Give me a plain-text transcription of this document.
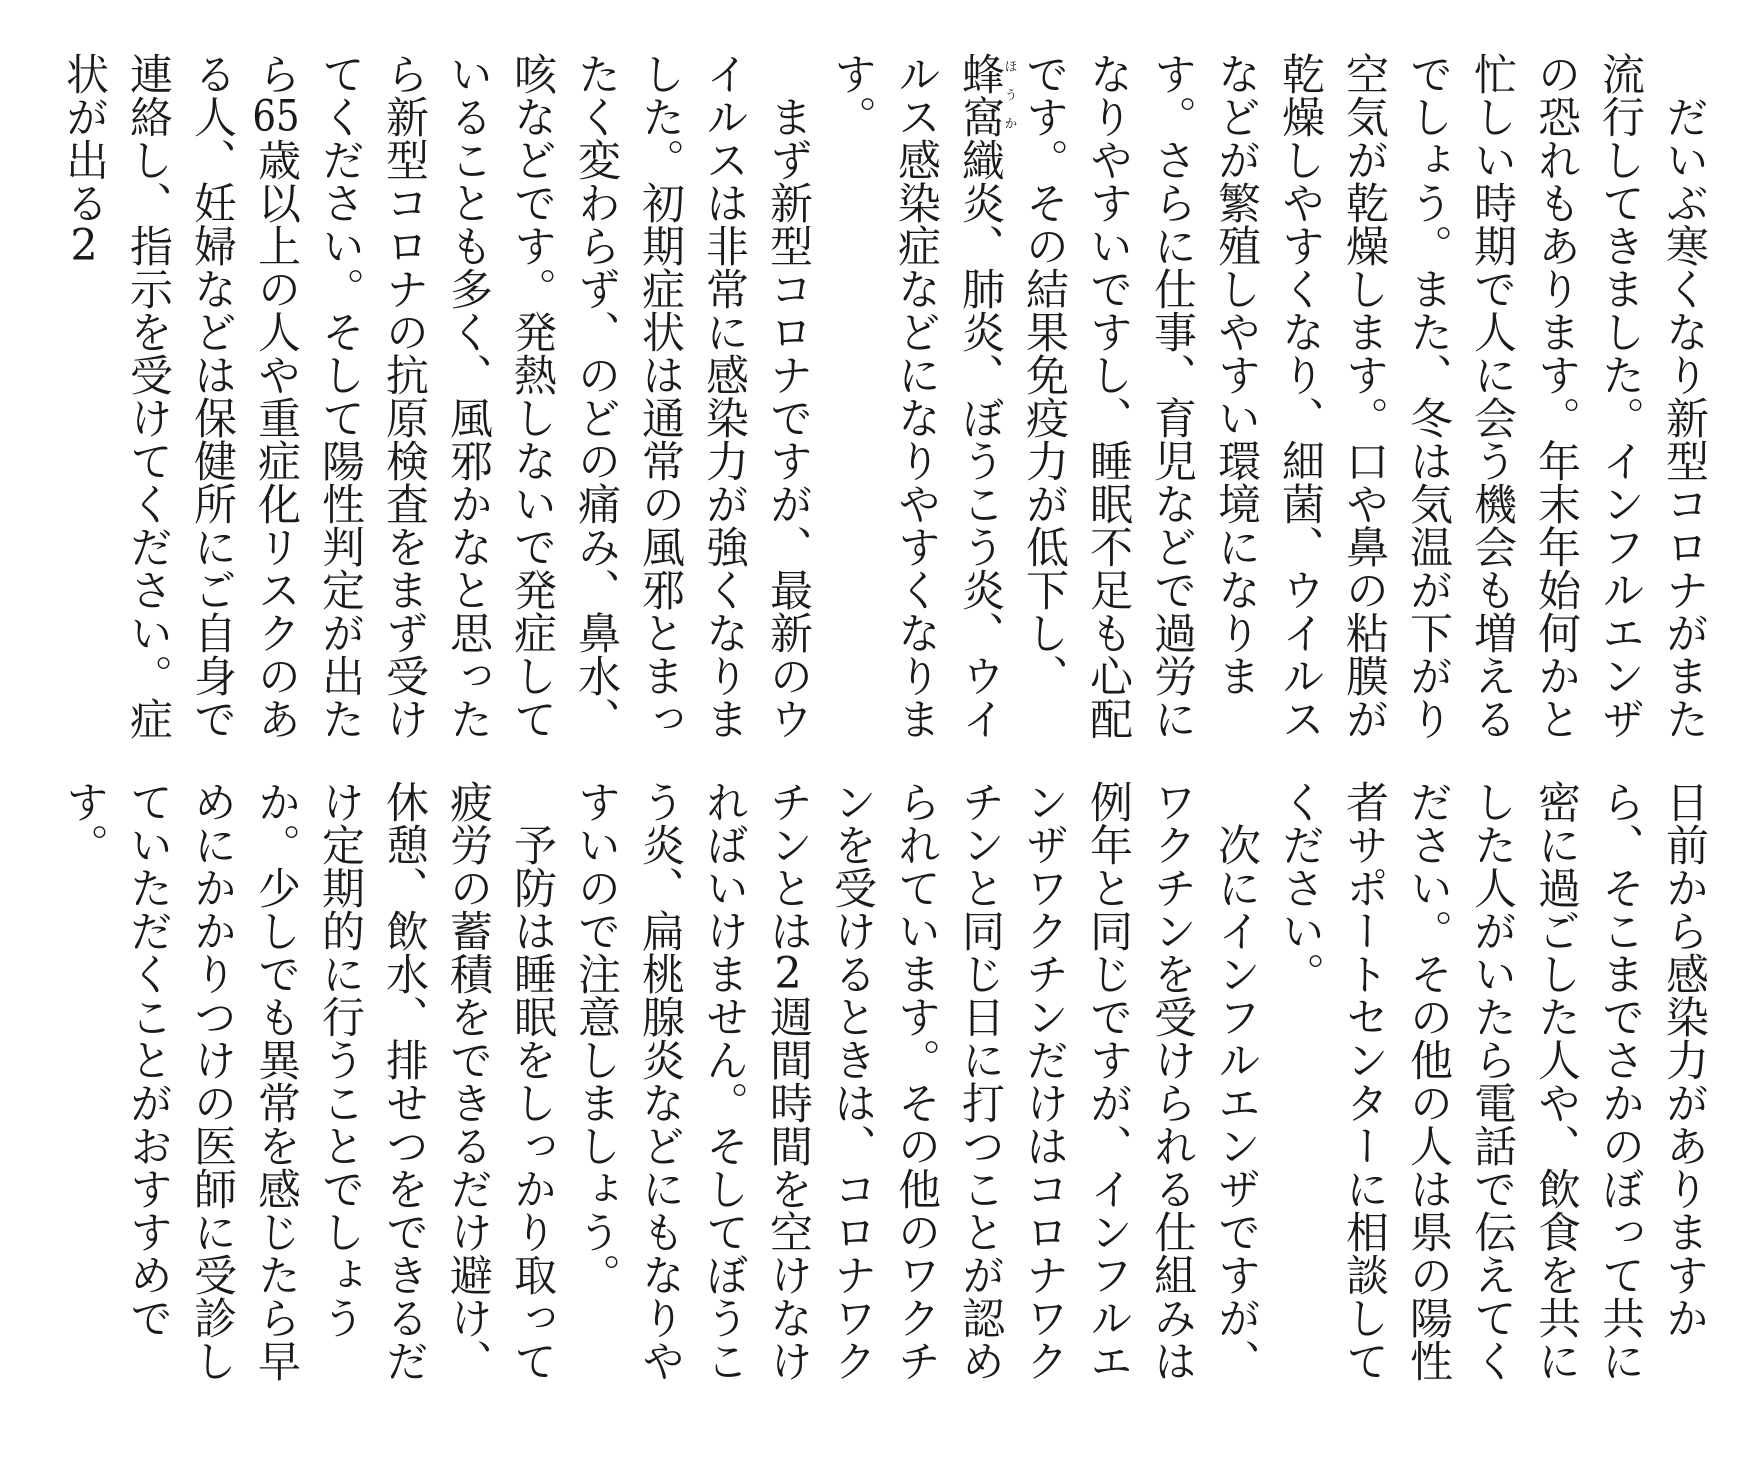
だいぶ寒くなり新型コロナがまた流行してきました。インフルエンザの恐れもあります。年末年始何かと忙しい時期で人に会う機会も増えるでしょう。また、冬は気温が下がり空気が乾燥します。口や鼻の粘膜が乾燥しやすくなり、細菌、ウイルスなどが繁殖しやすい環境になります。さらに仕事、育児などで過労になりやすいですし、睡眠不足も心配です。その結果免疫力が低下し、蜂窩ほうか織炎、肺炎、ぼうこう炎、ウイルス感染症などになりやすくなります。

まず新型コロナですが、最新のウイルスは非常に感染力が強くなりました。初期症状は通常の風邪とまったく変わらず、のどの痛み、鼻水、咳などです。発熱しないで発症していることも多く、風邪かなと思ったら新型コロナの抗原検査をまず受けてください。そして陽性判定が出たら65歳以上の人や重症化リスクのある人、妊婦などは保健所にご自身で連絡し、指示を受けてください。症状が出る2

日前から感染力がありますから、そこまでさかのぼって共に密に過ごした人や、飲食を共にした人がいたら電話で伝えてください。その他の人は県の陽性者サポートセンターに相談してください。

次にインフルエンザですが、ワクチンを受けられる仕組みは例年と同じですが、インフルエンザワクチンだけはコロナワクチンと同じ日に打つことが認められています。その他のワクチンを受けるときは、コロナワクチンとは2週間時間を空けなければいけません。そしてぼうこう炎、扁桃腺炎などにもなりやすいので注意しましょう。

予防は睡眠をしっかり取って疲労の蓄積をできるだけ避け、休憩、飲水、排せつをできるだけ定期的に行うことでしょうか。少しでも異常を感じたら早めにかかりつけの医師に受診していただくことがおすすめです。
